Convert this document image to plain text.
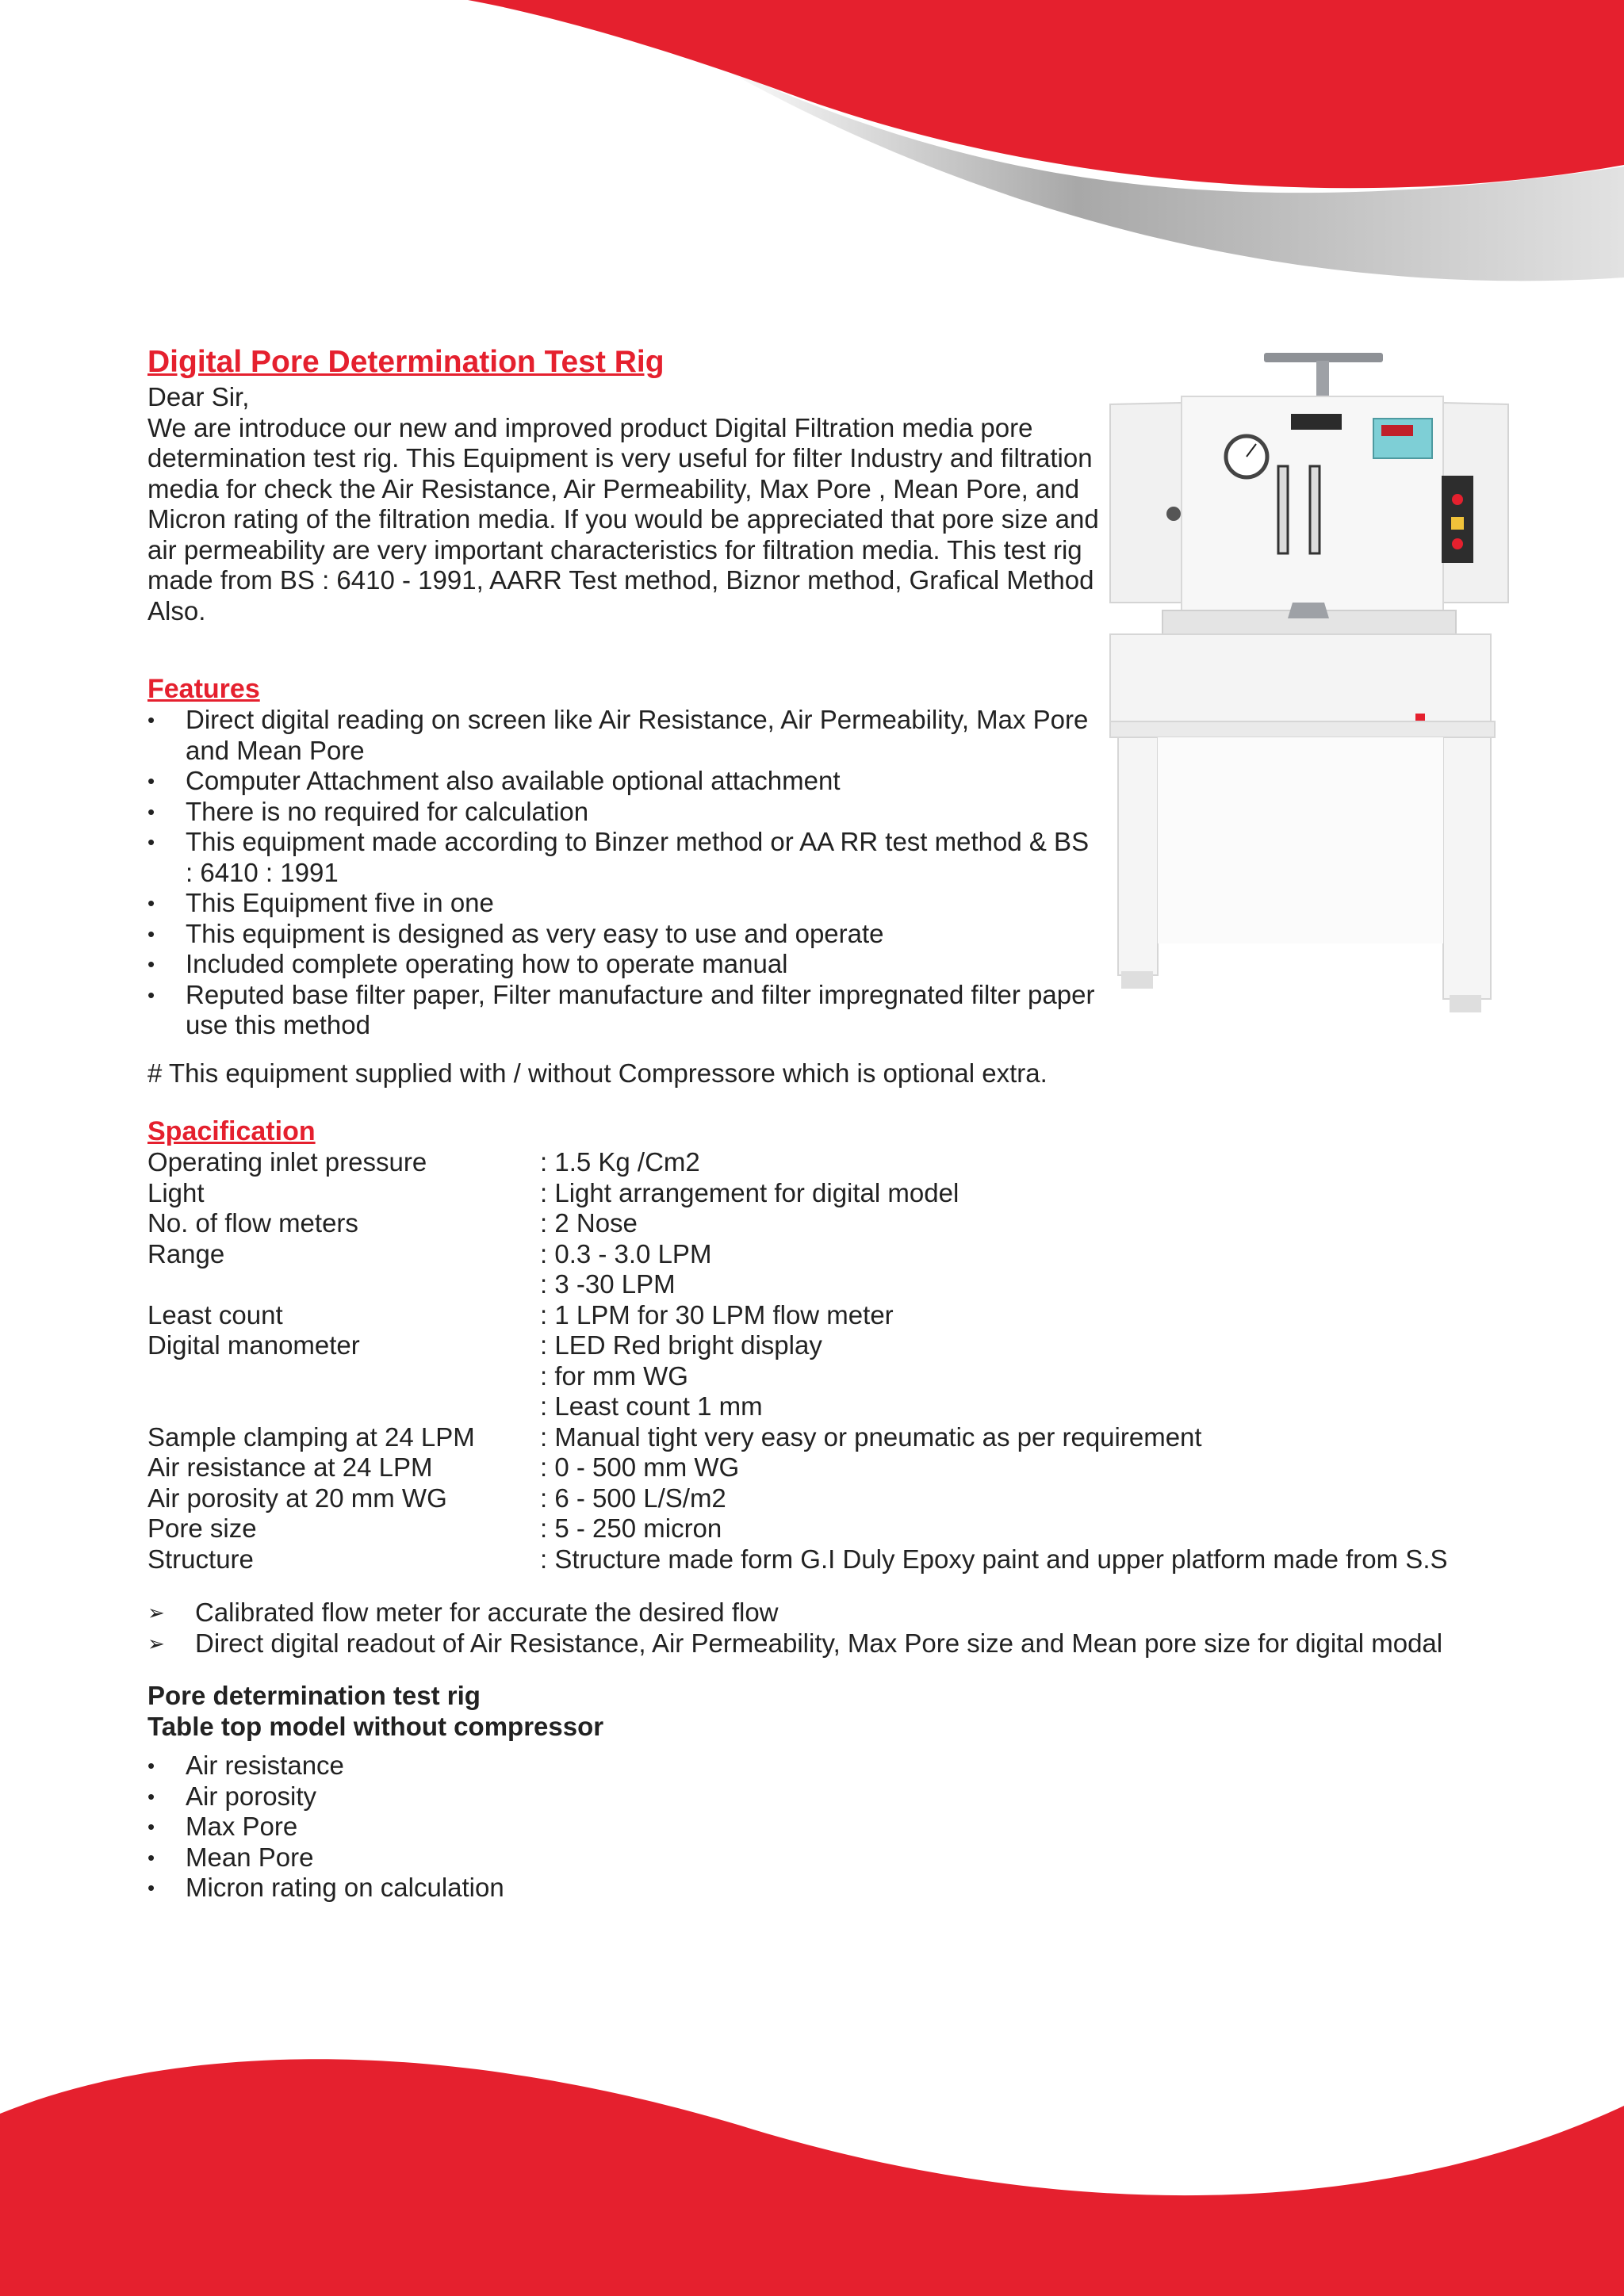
Digital Pore Determination Test Rig

Dear Sir,

We are introduce our new and improved product Digital Filtration media pore determination test rig. This Equipment is very useful for filter Industry and filtration media for check the Air Resistance, Air Permeability, Max Pore , Mean Pore, and Micron rating of the filtration media. If you would be appreciated that pore size and air permeability are very important characteristics for filtration media. This test rig made from BS : 6410 - 1991, AARR Test method, Biznor method, Grafical Method Also.

Features
•	Direct digital reading on screen like Air Resistance, Air Permeability, Max Pore and Mean Pore
•	Computer Attachment also available optional attachment
•	There is no required for calculation
•	This equipment made according to Binzer method or AA RR test method & BS : 6410 : 1991
•	This Equipment five in one
•	This equipment is designed as very easy to use and operate
•	Included complete operating how to operate manual
•	Reputed base filter paper, Filter manufacture and filter impregnated filter paper use this method

# This equipment supplied with / without Compressore which is optional extra.

Spacification
Operating inlet pressure	: 1.5 Kg /Cm2
Light	: Light arrangement for digital model
No. of flow meters	: 2 Nose
Range	: 0.3 - 3.0 LPM
: 3 -30 LPM
Least count	: 1 LPM for 30 LPM flow meter
Digital manometer	: LED Red bright display
: for mm WG
: Least count 1 mm
Sample clamping at 24 LPM	: Manual tight very easy or pneumatic as per requirement
Air resistance at 24 LPM	: 0 - 500 mm WG
Air porosity at 20 mm WG	: 6 - 500 L/S/m2
Pore size	: 5 - 250 micron
Structure	: Structure made form G.I Duly Epoxy paint and upper platform made from S.S
➢ Calibrated flow meter for accurate the desired flow
➢ Direct digital readout of Air Resistance, Air Permeability, Max Pore size and Mean pore size for digital modal

Pore determination test rig

Table top model without compressor

•	Air resistance
•	Air porosity
•	Max Pore
•	Mean Pore
•	Micron rating on calculation
